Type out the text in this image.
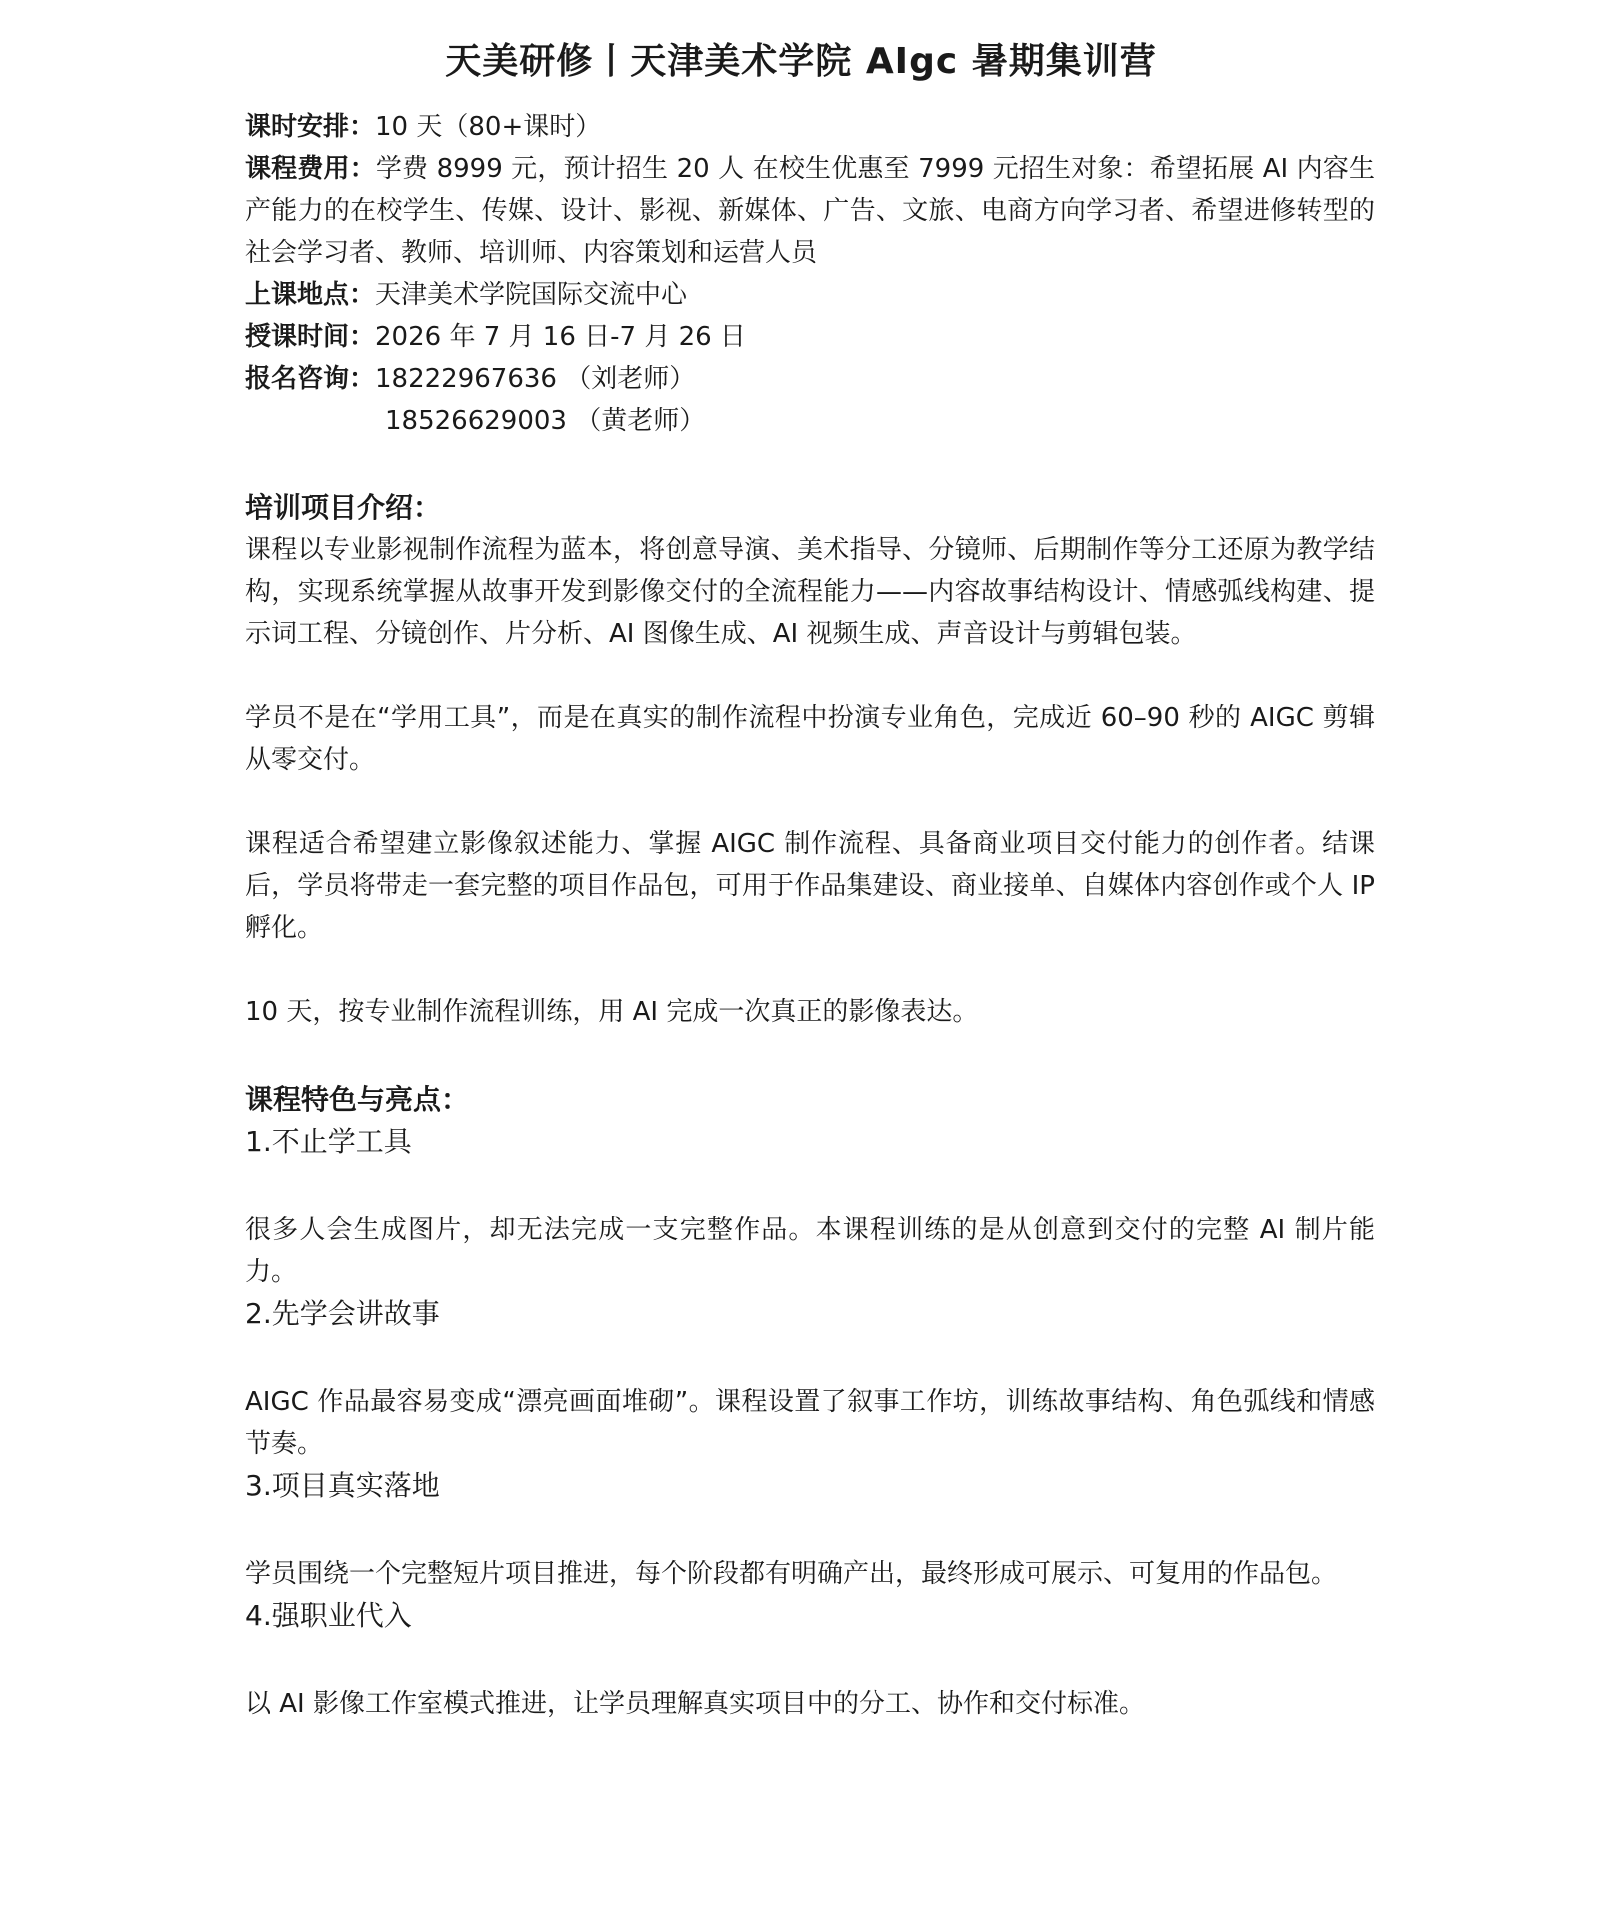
天美研修丨天津美术学院 AIgc 暑期集训营

课时安排：10 天（80+课时）

课程费用：学费 8999 元，预计招生 20 人 在校生优惠至 7999 元招生对象：希望拓展 AI 内容生产能力的在校学生、传媒、设计、影视、新媒体、广告、文旅、电商方向学习者、希望进修转型的社会学习者、教师、培训师、内容策划和运营人员

上课地点：天津美术学院国际交流中心

授课时间：2026 年 7 月 16 日-7 月 26 日

报名咨询：18222967636 （刘老师）

18526629003 （黄老师）

培训项目介绍：

课程以专业影视制作流程为蓝本，将创意导演、美术指导、分镜师、后期制作等分工还原为教学结构，实现系统掌握从故事开发到影像交付的全流程能力——内容故事结构设计、情感弧线构建、提示词工程、分镜创作、片分析、AI 图像生成、AI 视频生成、声音设计与剪辑包装。

学员不是在“学用工具”，而是在真实的制作流程中扮演专业角色，完成近 60–90 秒的 AIGC 剪辑从零交付。

课程适合希望建立影像叙述能力、掌握 AIGC 制作流程、具备商业项目交付能力的创作者。结课后，学员将带走一套完整的项目作品包，可用于作品集建设、商业接单、自媒体内容创作或个人 IP 孵化。

10 天，按专业制作流程训练，用 AI 完成一次真正的影像表达。

课程特色与亮点：

1.不止学工具

很多人会生成图片，却无法完成一支完整作品。本课程训练的是从创意到交付的完整 AI 制片能力。

2.先学会讲故事

AIGC 作品最容易变成“漂亮画面堆砌”。课程设置了叙事工作坊，训练故事结构、角色弧线和情感节奏。

3.项目真实落地

学员围绕一个完整短片项目推进，每个阶段都有明确产出，最终形成可展示、可复用的作品包。

4.强职业代入

以 AI 影像工作室模式推进，让学员理解真实项目中的分工、协作和交付标准。
